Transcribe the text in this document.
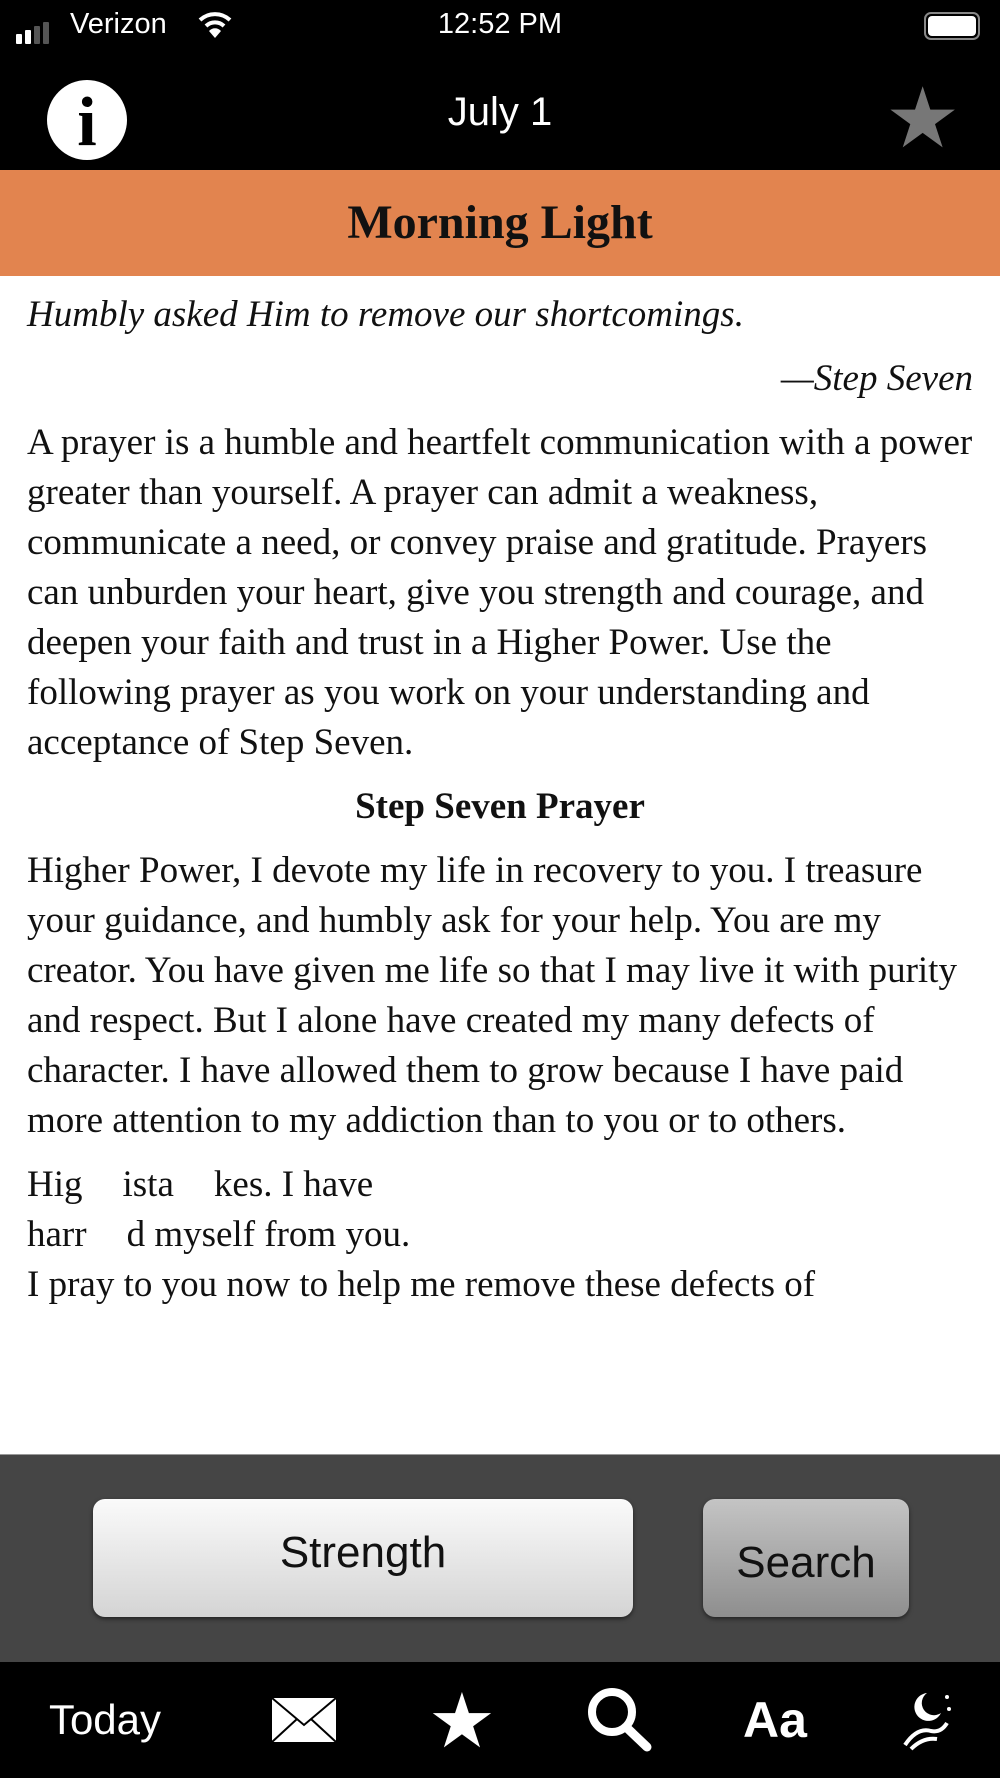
Verizon	12:52 PM
i	July 1	★
Morning Light

Humbly asked Him to remove our shortcomings.

—Step Seven

A prayer is a humble and heartfelt communication with a power greater than yourself. A prayer can admit a weakness, communicate a need, or convey praise and gratitude. Prayers can unburden your heart, give you strength and courage, and deepen your faith and trust in a Higher Power. Use the following prayer as you work on your understanding and acceptance of Step Seven.

Step Seven Prayer

Higher Power, I devote my life in recovery to you. I treasure your guidance, and humbly ask for your help. You are my creator. You have given me life so that I may live it with purity and respect. But I alone have created my many defects of character. I have allowed them to grow because I have paid more attention to my addiction than to you or to others.

Hig ista kes. I have
harr d myself from you.
I pray to you now to help me remove these defects of
Strength	Search
Today	★	Aa
